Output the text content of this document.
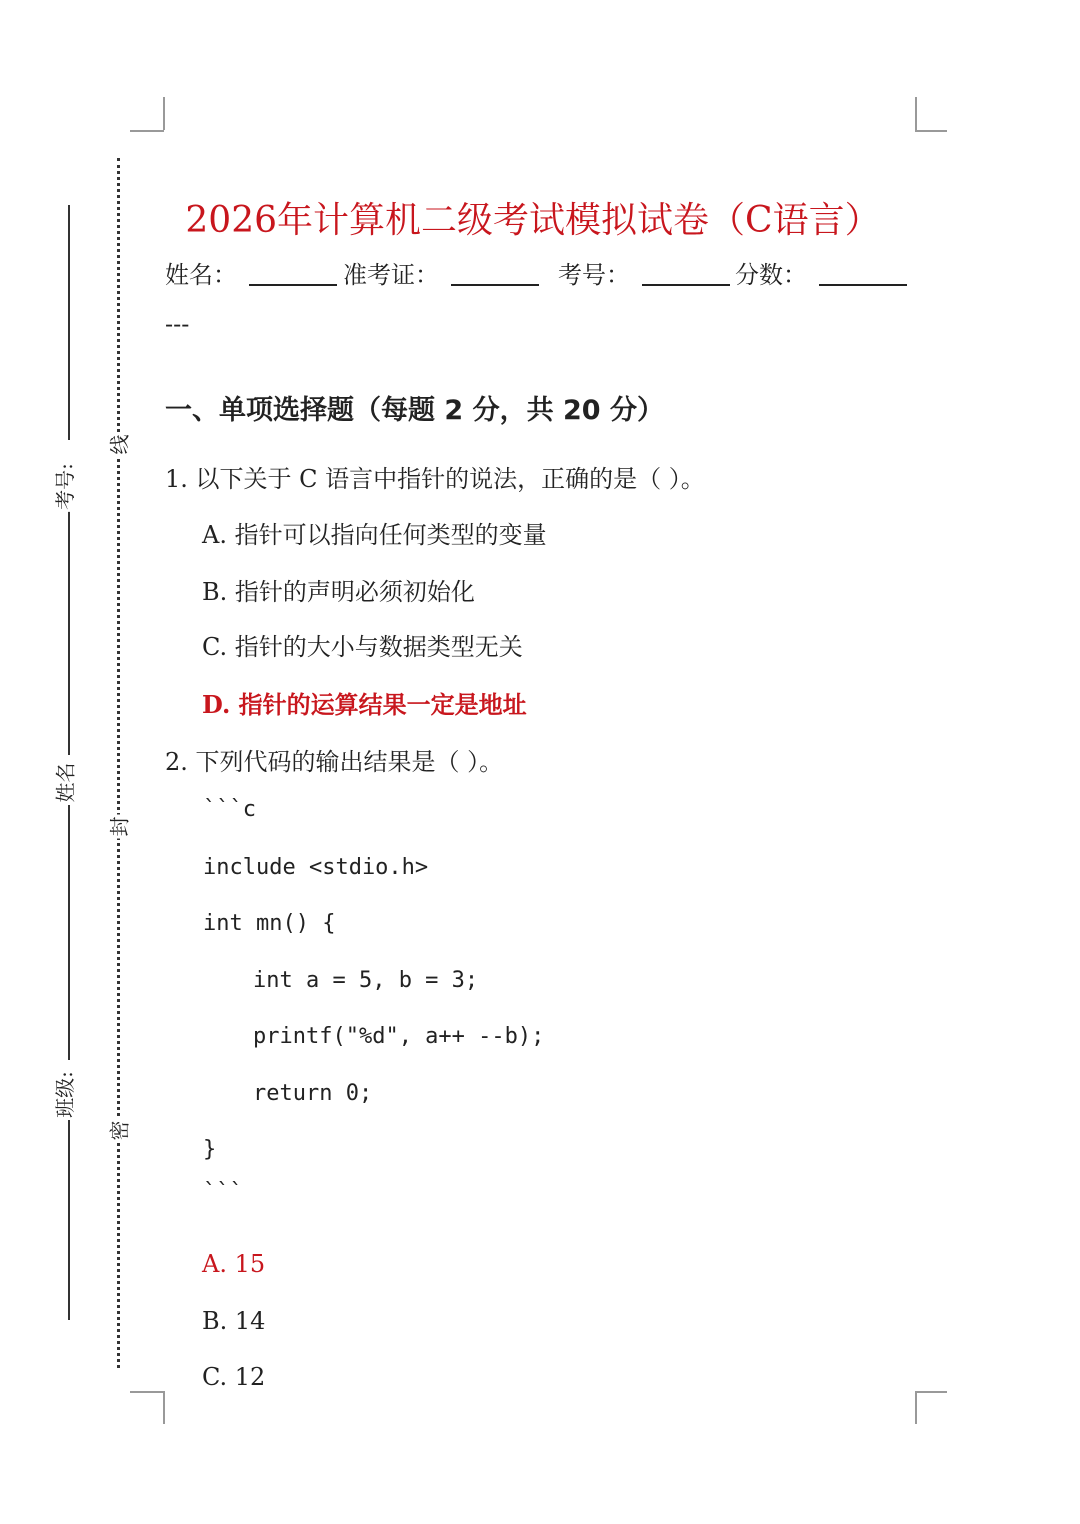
考号:
姓名
班级:
线
封
密
2026年计算机二级考试模拟试卷（C语言）
姓名：	准考证：	考号：	分数：
---
一、单项选择题（每题 2 分，共 20 分）
1. 以下关于 C 语言中指针的说法，正确的是（ ）。
A. 指针可以指向任何类型的变量
B. 指针的声明必须初始化
C. 指针的大小与数据类型无关
D. 指针的运算结果一定是地址
2. 下列代码的输出结果是（ ）。
```c
include <stdio.h>
int mn() {
int a = 5, b = 3;
printf("%d", a++ --b);
return 0;
}
```
A. 15
B. 14
C. 12
